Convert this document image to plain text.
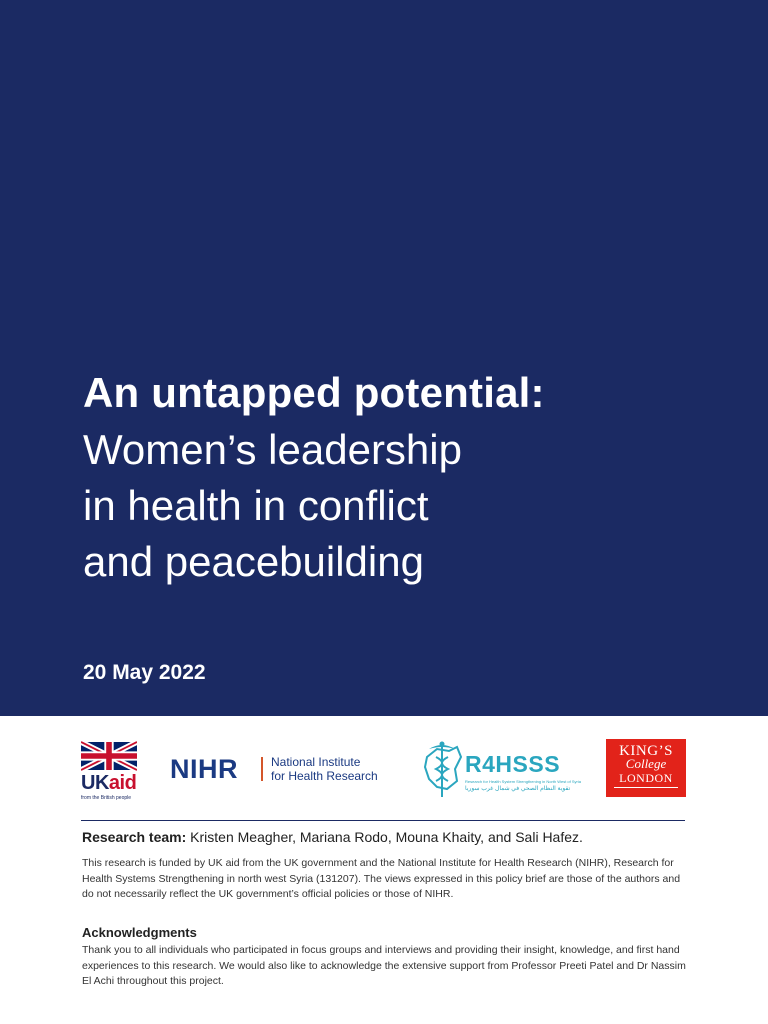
An untapped potential:
Women’s leadership
in health in conflict
and peacebuilding
20 May 2022
UKaid
from the British people
NIHR	National Institute
for Health Research	R4HSSS
Research for Health System Strengthening in North West of Syria
تقوية النظام الصحي في شمال غرب سوريا
KING’S
College
LONDON
Research team: Kristen Meagher, Mariana Rodo, Mouna Khaity, and Sali Hafez.
This research is funded by UK aid from the UK government and the National Institute for Health Research (NIHR), Research for Health Systems Strengthening in north west Syria (131207). The views expressed in this policy brief are those of the authors and do not necessarily reflect the UK government’s official policies or those of NIHR.
Acknowledgments
Thank you to all individuals who participated in focus groups and interviews and providing their insight, knowledge, and first hand experiences to this research. We would also like to acknowledge the extensive support from Professor Preeti Patel and Dr Nassim El Achi throughout this project.
